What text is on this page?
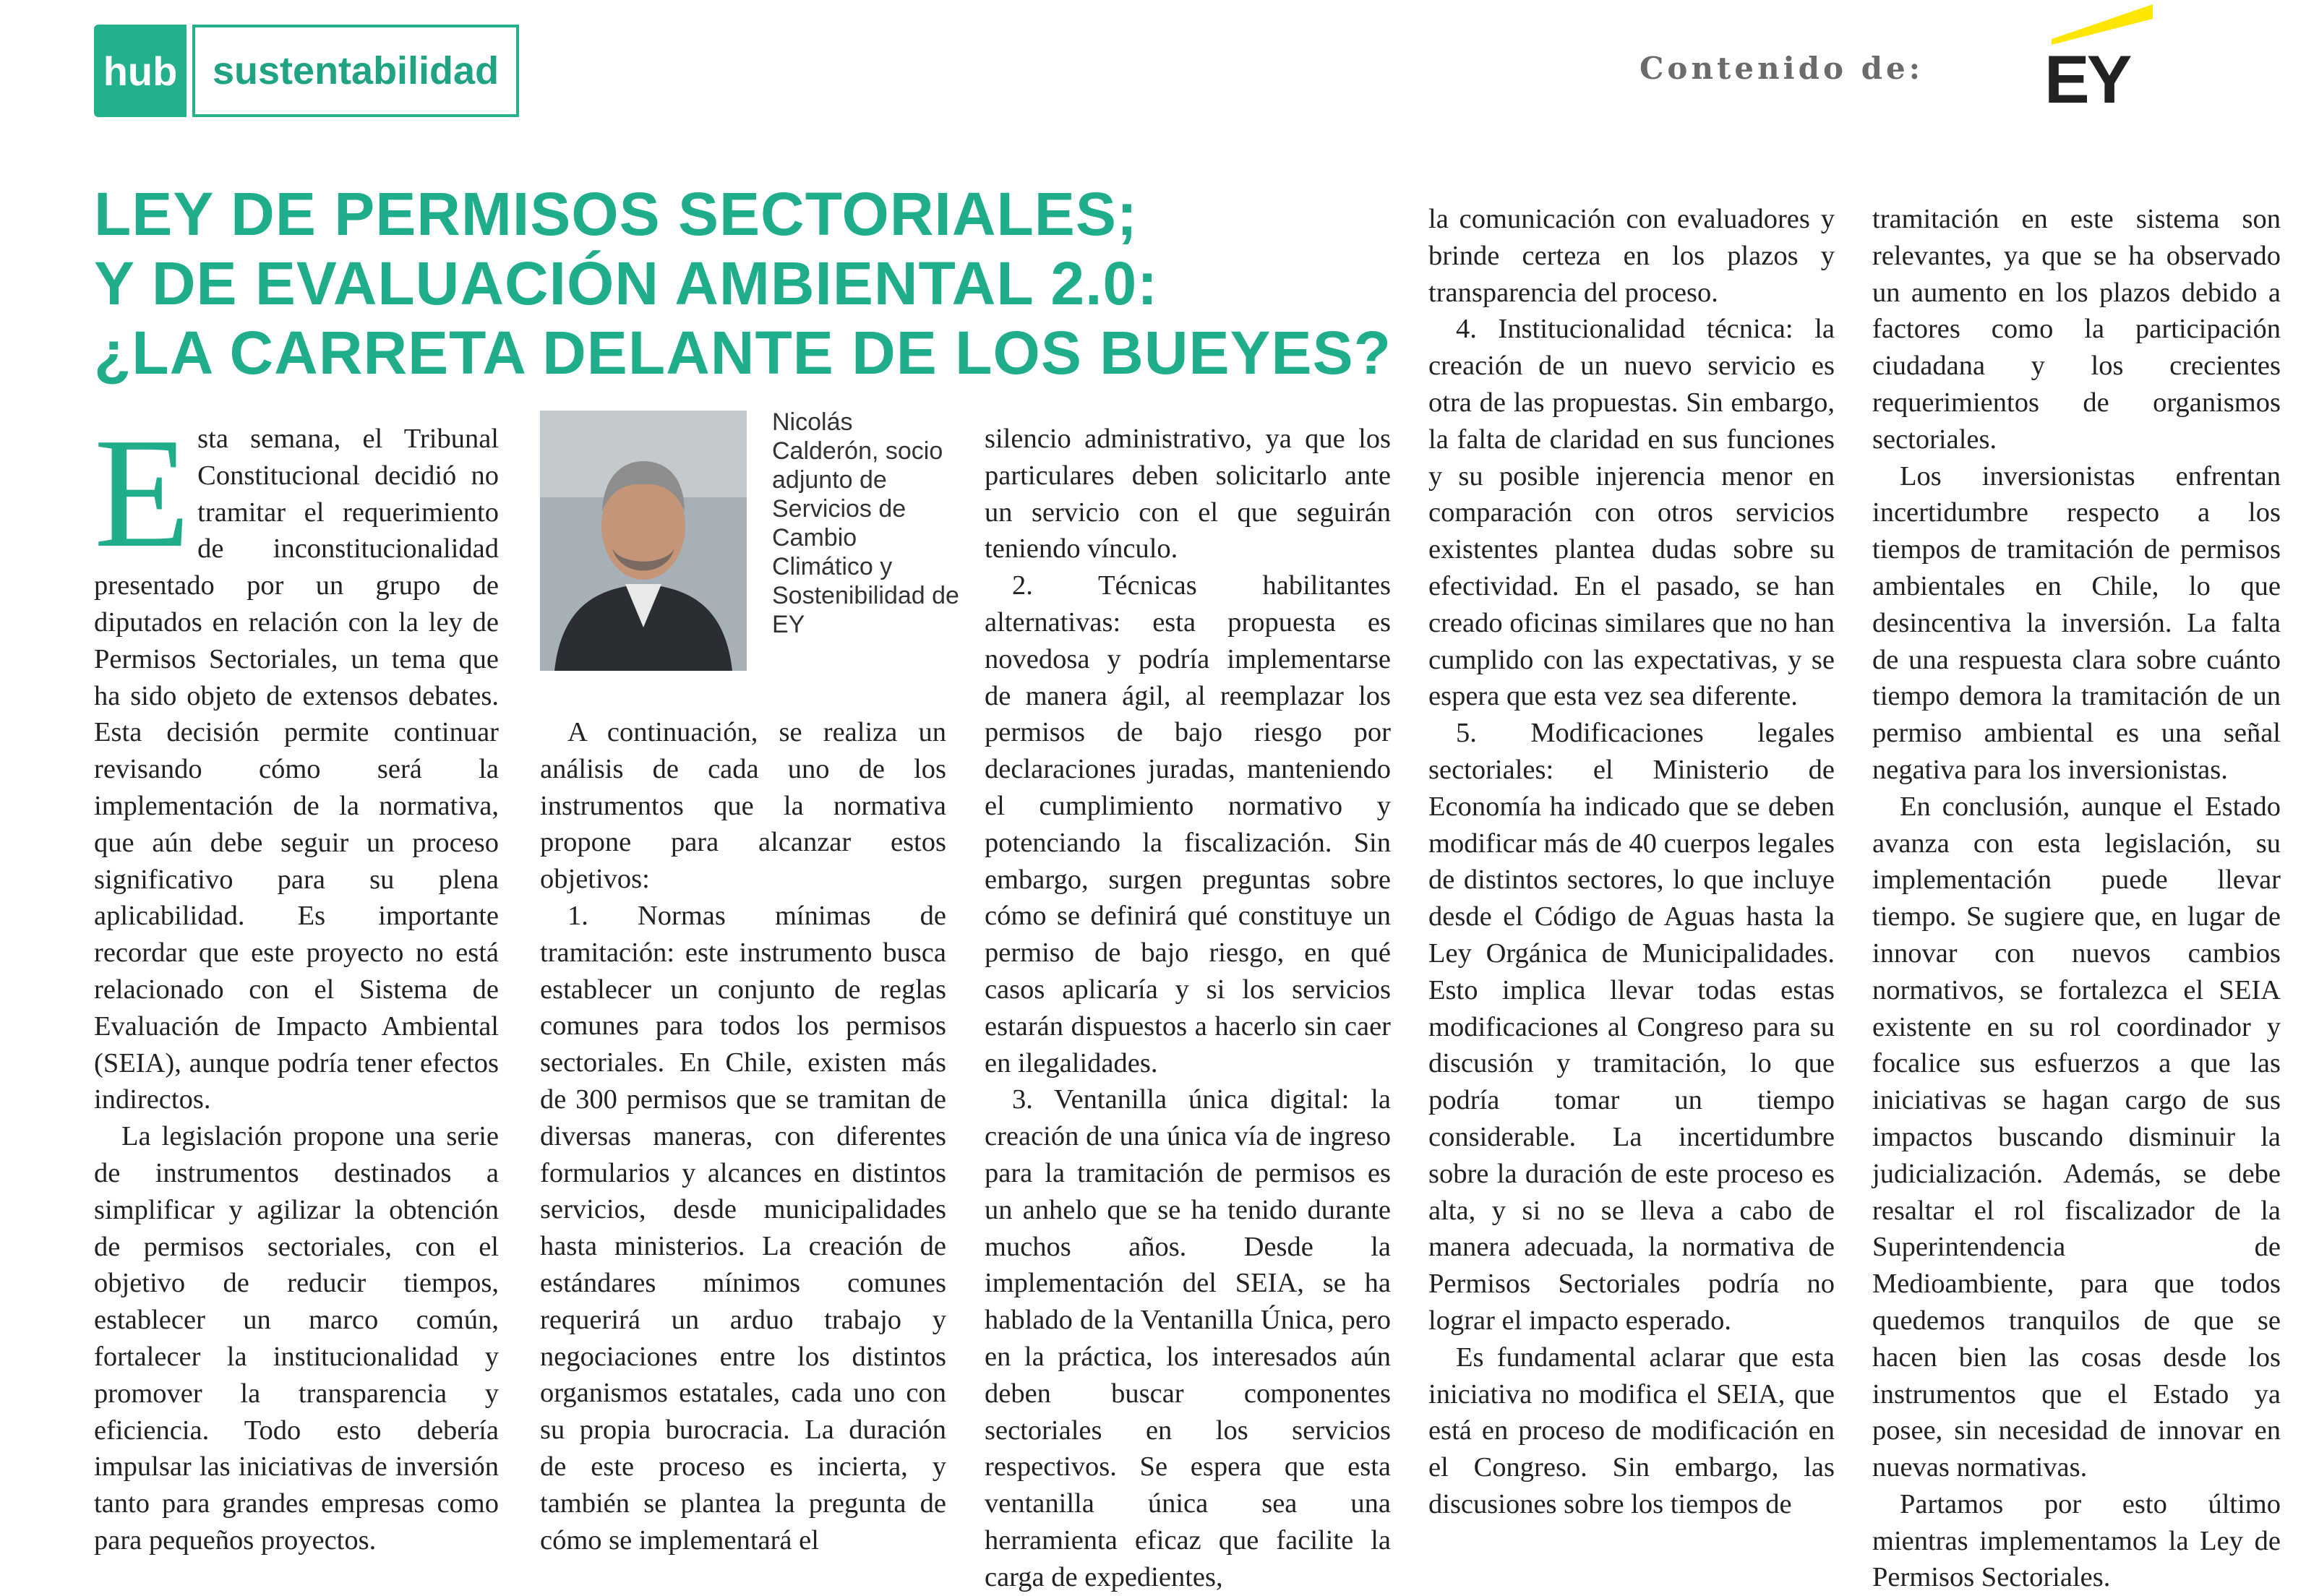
hub sustentabilidad	Contenido de: EY
LEY DE PERMISOS SECTORIALES;
Y DE EVALUACIÓN AMBIENTAL 2.0:
¿LA CARRETA DELANTE DE LOS BUEYES?

Esta semana, el Tribunal Constitucional decidió no tramitar el requerimiento de inconstitucionalidad presentado por un grupo de diputados en relación con la ley de Permisos Sectoriales, un tema que ha sido objeto de extensos debates. Esta decisión permite continuar revisando cómo será la implementación de la normativa, que aún debe seguir un proceso significativo para su plena aplicabilidad. Es importante recordar que este proyecto no está relacionado con el Sistema de Evaluación de Impacto Ambiental (SEIA), aunque podría tener efectos indirectos.

La legislación propone una serie de instrumentos destinados a simplificar y agilizar la obtención de permisos sectoriales, con el objetivo de reducir tiempos, establecer un marco común, fortalecer la institucionalidad y promover la transparencia y eficiencia. Todo esto debería impulsar las iniciativas de inversión tanto para grandes empresas como para pequeños proyectos.

Nicolás Calderón, socio adjunto de Servicios de Cambio Climático y Sostenibilidad de EY

A continuación, se realiza un análisis de cada uno de los instrumentos que la normativa propone para alcanzar estos objetivos:

1. Normas mínimas de tramitación: este instrumento busca establecer un conjunto de reglas comunes para todos los permisos sectoriales. En Chile, existen más de 300 permisos que se tramitan de diversas maneras, con diferentes formularios y alcances en distintos servicios, desde municipalidades hasta ministerios. La creación de estándares mínimos comunes requerirá un arduo trabajo y negociaciones entre los distintos organismos estatales, cada uno con su propia burocracia. La duración de este proceso es incierta, y también se plantea la pregunta de cómo se implementará el

silencio administrativo, ya que los particulares deben solicitarlo ante un servicio con el que seguirán teniendo vínculo.

2. Técnicas habilitantes alternativas: esta propuesta es novedosa y podría implementarse de manera ágil, al reemplazar los permisos de bajo riesgo por declaraciones juradas, manteniendo el cumplimiento normativo y potenciando la fiscalización. Sin embargo, surgen preguntas sobre cómo se definirá qué constituye un permiso de bajo riesgo, en qué casos aplicaría y si los servicios estarán dispuestos a hacerlo sin caer en ilegalidades.

3. Ventanilla única digital: la creación de una única vía de ingreso para la tramitación de permisos es un anhelo que se ha tenido durante muchos años. Desde la implementación del SEIA, se ha hablado de la Ventanilla Única, pero en la práctica, los interesados aún deben buscar componentes sectoriales en los servicios respectivos. Se espera que esta ventanilla única sea una herramienta eficaz que facilite la carga de expedientes,

la comunicación con evaluadores y brinde certeza en los plazos y transparencia del proceso.

4. Institucionalidad técnica: la creación de un nuevo servicio es otra de las propuestas. Sin embargo, la falta de claridad en sus funciones y su posible injerencia menor en comparación con otros servicios existentes plantea dudas sobre su efectividad. En el pasado, se han creado oficinas similares que no han cumplido con las expectativas, y se espera que esta vez sea diferente.

5. Modificaciones legales sectoriales: el Ministerio de Economía ha indicado que se deben modificar más de 40 cuerpos legales de distintos sectores, lo que incluye desde el Código de Aguas hasta la Ley Orgánica de Municipalidades. Esto implica llevar todas estas modificaciones al Congreso para su discusión y tramitación, lo que podría tomar un tiempo considerable. La incertidumbre sobre la duración de este proceso es alta, y si no se lleva a cabo de manera adecuada, la normativa de Permisos Sectoriales podría no lograr el impacto esperado.

Es fundamental aclarar que esta iniciativa no modifica el SEIA, que está en proceso de modificación en el Congreso. Sin embargo, las discusiones sobre los tiempos de

tramitación en este sistema son relevantes, ya que se ha observado un aumento en los plazos debido a factores como la participación ciudadana y los crecientes requerimientos de organismos sectoriales.

Los inversionistas enfrentan incertidumbre respecto a los tiempos de tramitación de permisos ambientales en Chile, lo que desincentiva la inversión. La falta de una respuesta clara sobre cuánto tiempo demora la tramitación de un permiso ambiental es una señal negativa para los inversionistas.

En conclusión, aunque el Estado avanza con esta legislación, su implementación puede llevar tiempo. Se sugiere que, en lugar de innovar con nuevos cambios normativos, se fortalezca el SEIA existente en su rol coordinador y focalice sus esfuerzos a que las iniciativas se hagan cargo de sus impactos buscando disminuir la judicialización. Además, se debe resaltar el rol fiscalizador de la Superintendencia de Medioambiente, para que todos quedemos tranquilos de que se hacen bien las cosas desde los instrumentos que el Estado ya posee, sin necesidad de innovar en nuevas normativas.

Partamos por esto último mientras implementamos la Ley de Permisos Sectoriales.
